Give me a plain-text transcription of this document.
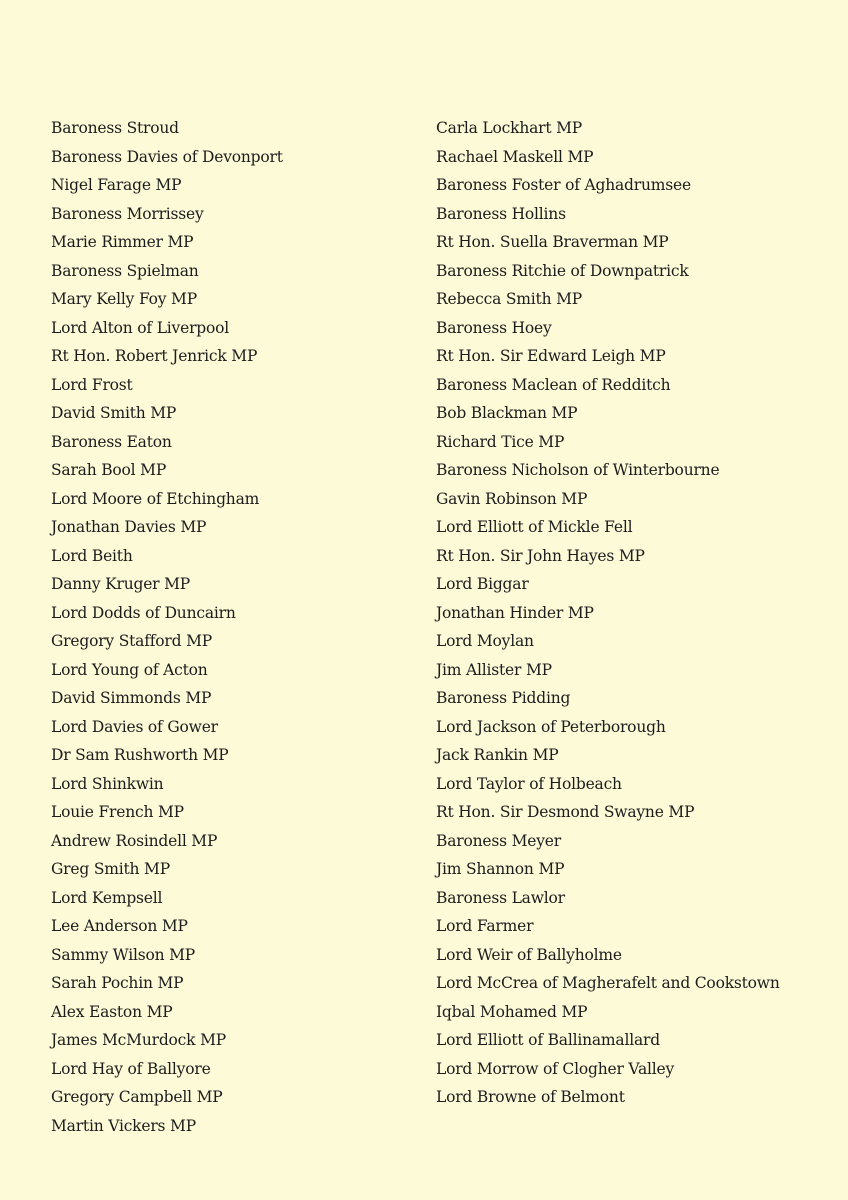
Baroness Stroud
Baroness Davies of Devonport
Nigel Farage MP
Baroness Morrissey
Marie Rimmer MP
Baroness Spielman
Mary Kelly Foy MP
Lord Alton of Liverpool
Rt Hon. Robert Jenrick MP
Lord Frost
David Smith MP
Baroness Eaton
Sarah Bool MP
Lord Moore of Etchingham
Jonathan Davies MP
Lord Beith
Danny Kruger MP
Lord Dodds of Duncairn
Gregory Stafford MP
Lord Young of Acton
David Simmonds MP
Lord Davies of Gower
Dr Sam Rushworth MP
Lord Shinkwin
Louie French MP
Andrew Rosindell MP
Greg Smith MP
Lord Kempsell
Lee Anderson MP
Sammy Wilson MP
Sarah Pochin MP
Alex Easton MP
James McMurdock MP
Lord Hay of Ballyore
Gregory Campbell MP
Martin Vickers MP
Carla Lockhart MP
Rachael Maskell MP
Baroness Foster of Aghadrumsee
Baroness Hollins
Rt Hon. Suella Braverman MP
Baroness Ritchie of Downpatrick
Rebecca Smith MP
Baroness Hoey
Rt Hon. Sir Edward Leigh MP
Baroness Maclean of Redditch
Bob Blackman MP
Richard Tice MP
Baroness Nicholson of Winterbourne
Gavin Robinson MP
Lord Elliott of Mickle Fell
Rt Hon. Sir John Hayes MP
Lord Biggar
Jonathan Hinder MP
Lord Moylan
Jim Allister MP
Baroness Pidding
Lord Jackson of Peterborough
Jack Rankin MP
Lord Taylor of Holbeach
Rt Hon. Sir Desmond Swayne MP
Baroness Meyer
Jim Shannon MP
Baroness Lawlor
Lord Farmer
Lord Weir of Ballyholme
Lord McCrea of Magherafelt and Cookstown
Iqbal Mohamed MP
Lord Elliott of Ballinamallard
Lord Morrow of Clogher Valley
Lord Browne of Belmont
